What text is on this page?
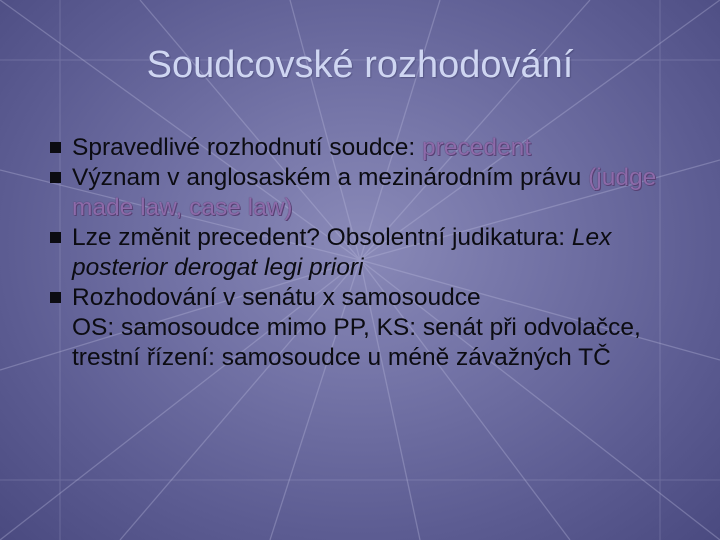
Soudcovské rozhodování
Spravedlivé rozhodnutí soudce: precedent
Význam v anglosaském a mezinárodním právu (judge made law, case law)
Lze změnit precedent? Obsolentní judikatura: Lex posterior derogat legi priori
Rozhodování v senátu x samosoudce
OS: samosoudce mimo PP, KS: senát při odvolačce, trestní řízení: samosoudce u méně závažných TČ
